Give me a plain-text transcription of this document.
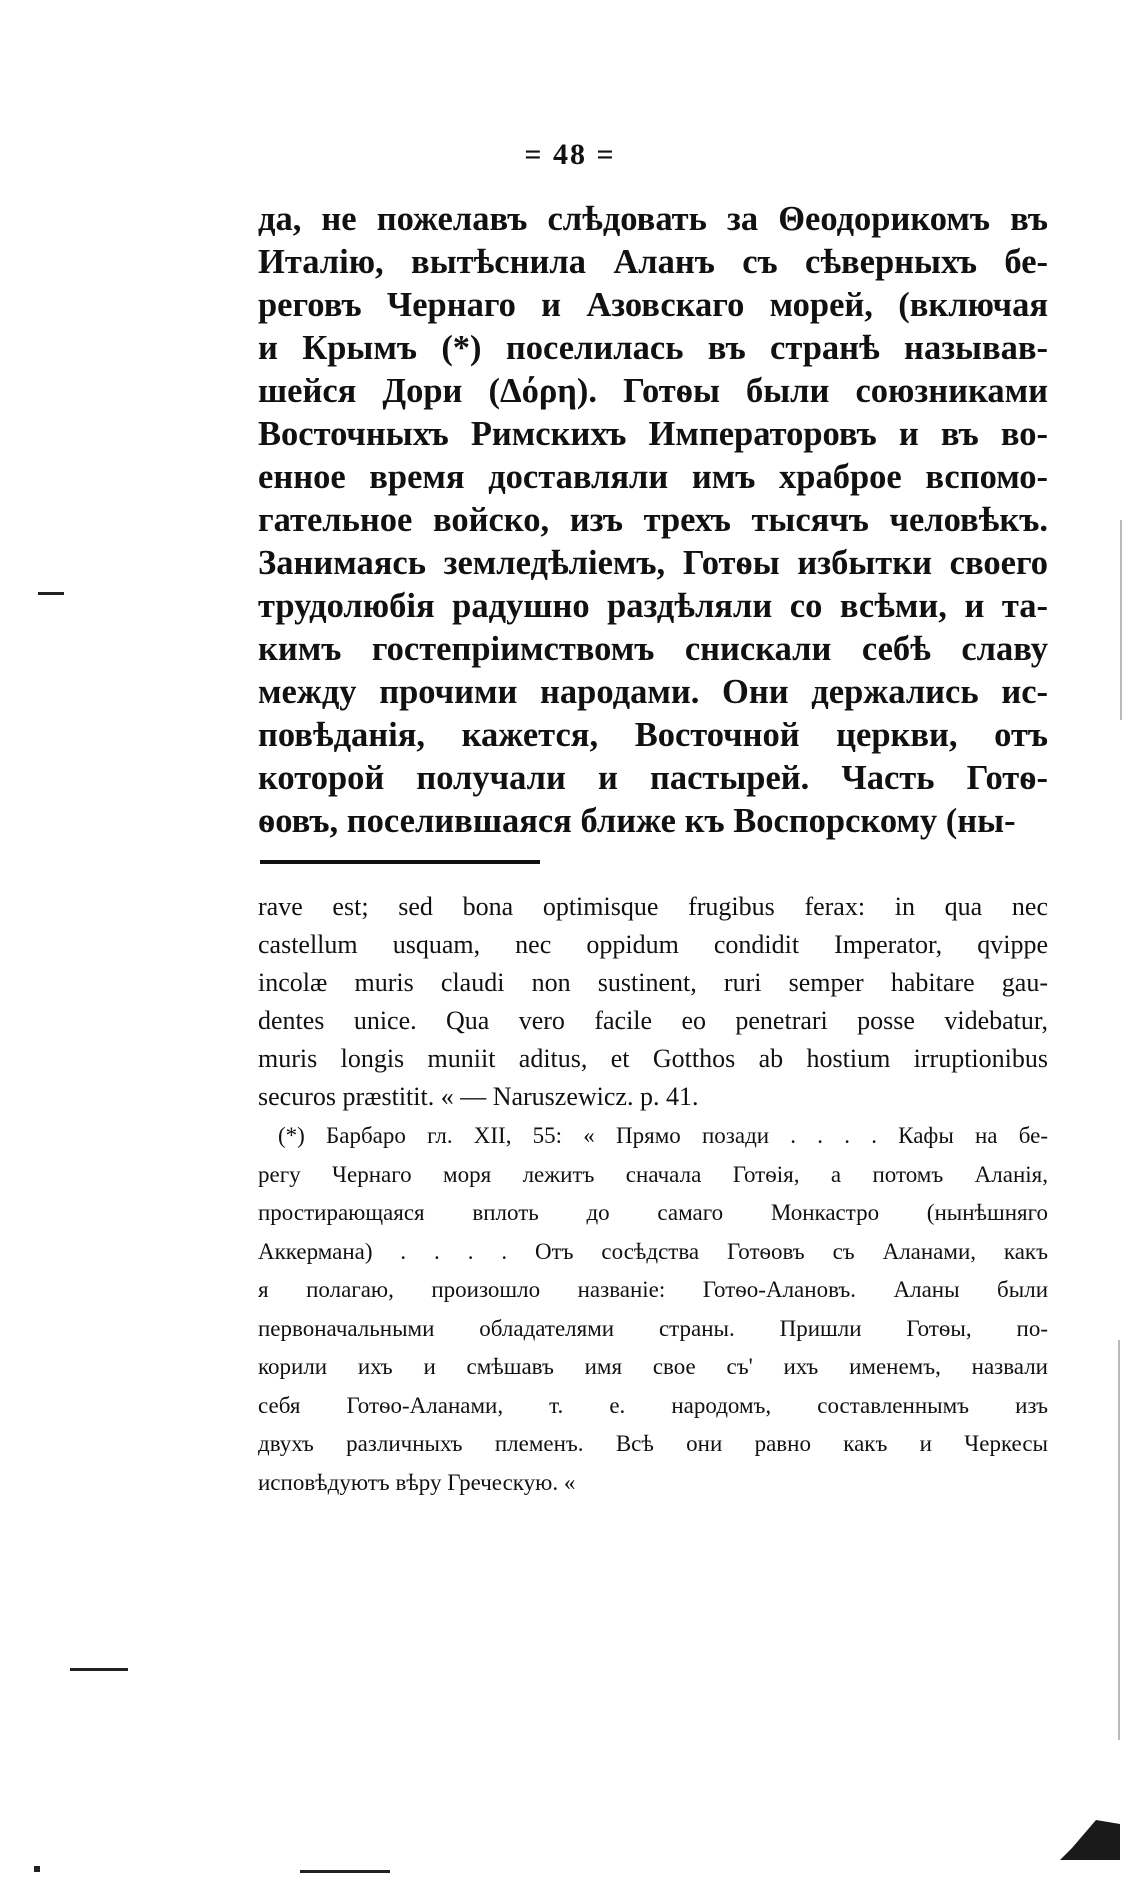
= 48 =
да, не пожелавъ слѣдовать за Θеодорикомъ въ
Италію, вытѣснила Аланъ съ сѣверныхъ бе-
реговъ Чернаго и Азовскаго морей, (включая
и Крымъ (*) поселилась въ странѣ называв-
шейся Дори (Δόρη). Готѳы были союзниками
Восточныхъ Римскихъ Императоровъ и въ во-
енное время доставляли имъ храброе вспомо-
гательное войско, изъ трехъ тысячъ человѣкъ.
Занимаясь земледѣліемъ, Готѳы избытки своего
трудолюбія радушно раздѣляли со всѣми, и та-
кимъ гостепріимствомъ снискали себѣ славу
между прочими народами. Они держались ис-
повѣданія, кажется, Восточной церкви, отъ
которой получали и пастырей. Часть Готѳ-
ѳовъ, поселившаяся ближе къ Воспорскому (ны-
rave est; sed bona optimisque frugibus ferax: in qua nec
castellum usquam, nec oppidum condidit Imperator, qvippe
incolæ muris claudi non sustinent, ruri semper habitare gau-
dentes unice. Qua vero facile eo penetrari posse videbatur,
muris longis muniit aditus, et Gotthos ab hostium irruptionibus
securos præstitit. « — Naruszewicz. p. 41.
(*) Барбаро гл. XII, 55: « Прямо позади . . . . Кафы на бе-
регу Чернаго моря лежитъ сначала Готѳія, а потомъ Аланія,
простирающаяся вплоть до самаго Монкастро (нынѣшняго
Аккермана) . . . . Отъ сосѣдства Готѳовъ съ Аланами, какъ
я полагаю, произошло названіе: Готѳо-Алановъ. Аланы были
первоначальными обладателями страны. Пришли Готѳы, по-
корили ихъ и смѣшавъ имя свое съ' ихъ именемъ, назвали
себя Готѳо-Аланами, т. е. народомъ, составленнымъ изъ
двухъ различныхъ племенъ. Всѣ они равно какъ и Черкесы
исповѣдуютъ вѣру Греческую. «
